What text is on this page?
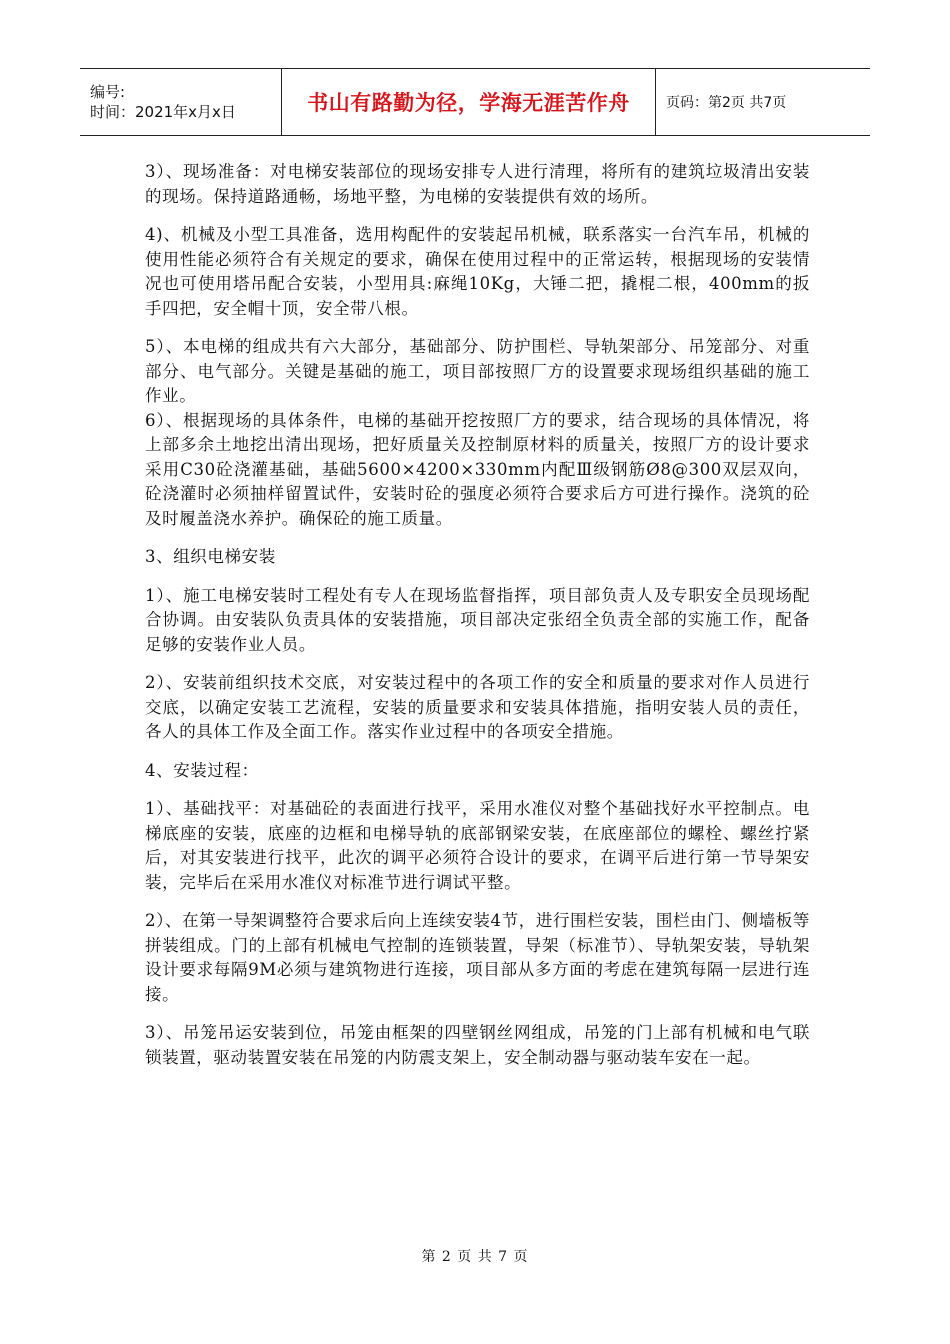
编号:
时间：2021年x月x日	书山有路勤为径，学海无涯苦作舟	页码：第2页 共7页

3）、现场准备：对电梯安装部位的现场安排专人进行清理，将所有的建筑垃圾清出安装的现场。保持道路通畅，场地平整，为电梯的安装提供有效的场所。

4)、机械及小型工具准备，选用构配件的安装起吊机械，联系落实一台汽车吊，机械的使用性能必须符合有关规定的要求，确保在使用过程中的正常运转，根据现场的安装情况也可使用塔吊配合安装，小型用具:麻绳10Kg，大锤二把，撬棍二根，400mm的扳手四把，安全帽十顶，安全带八根。

5）、本电梯的组成共有六大部分，基础部分、防护围栏、导轨架部分、吊笼部分、对重部分、电气部分。关键是基础的施工，项目部按照厂方的设置要求现场组织基础的施工作业。

6）、根据现场的具体条件，电梯的基础开挖按照厂方的要求，结合现场的具体情况，将上部多余土地挖出清出现场，把好质量关及控制原材料的质量关，按照厂方的设计要求采用C30砼浇灌基础，基础5600×4200×330mm内配Ⅲ级钢筋Ø8@300双层双向，砼浇灌时必须抽样留置试件，安装时砼的强度必须符合要求后方可进行操作。浇筑的砼及时履盖浇水养护。确保砼的施工质量。

3、组织电梯安装

1）、施工电梯安装时工程处有专人在现场监督指挥，项目部负责人及专职安全员现场配合协调。由安装队负责具体的安装措施，项目部决定张绍全负责全部的实施工作，配备足够的安装作业人员。

2）、安装前组织技术交底，对安装过程中的各项工作的安全和质量的要求对作人员进行交底，以确定安装工艺流程，安装的质量要求和安装具体措施，指明安装人员的责任，各人的具体工作及全面工作。落实作业过程中的各项安全措施。

4、安装过程：

1）、基础找平：对基础砼的表面进行找平，采用水准仪对整个基础找好水平控制点。电梯底座的安装，底座的边框和电梯导轨的底部钢梁安装，在底座部位的螺栓、螺丝拧紧后，对其安装进行找平，此次的调平必须符合设计的要求，在调平后进行第一节导架安装，完毕后在采用水准仪对标准节进行调试平整。

2）、在第一导架调整符合要求后向上连续安装4节，进行围栏安装，围栏由门、侧墙板等拼装组成。门的上部有机械电气控制的连锁装置，导架（标准节）、导轨架安装，导轨架设计要求每隔9M必须与建筑物进行连接，项目部从多方面的考虑在建筑每隔一层进行连接。

3）、吊笼吊运安装到位，吊笼由框架的四壁钢丝网组成，吊笼的门上部有机械和电气联锁装置，驱动装置安装在吊笼的内防震支架上，安全制动器与驱动装车安在一起。

第 2 页 共 7 页
